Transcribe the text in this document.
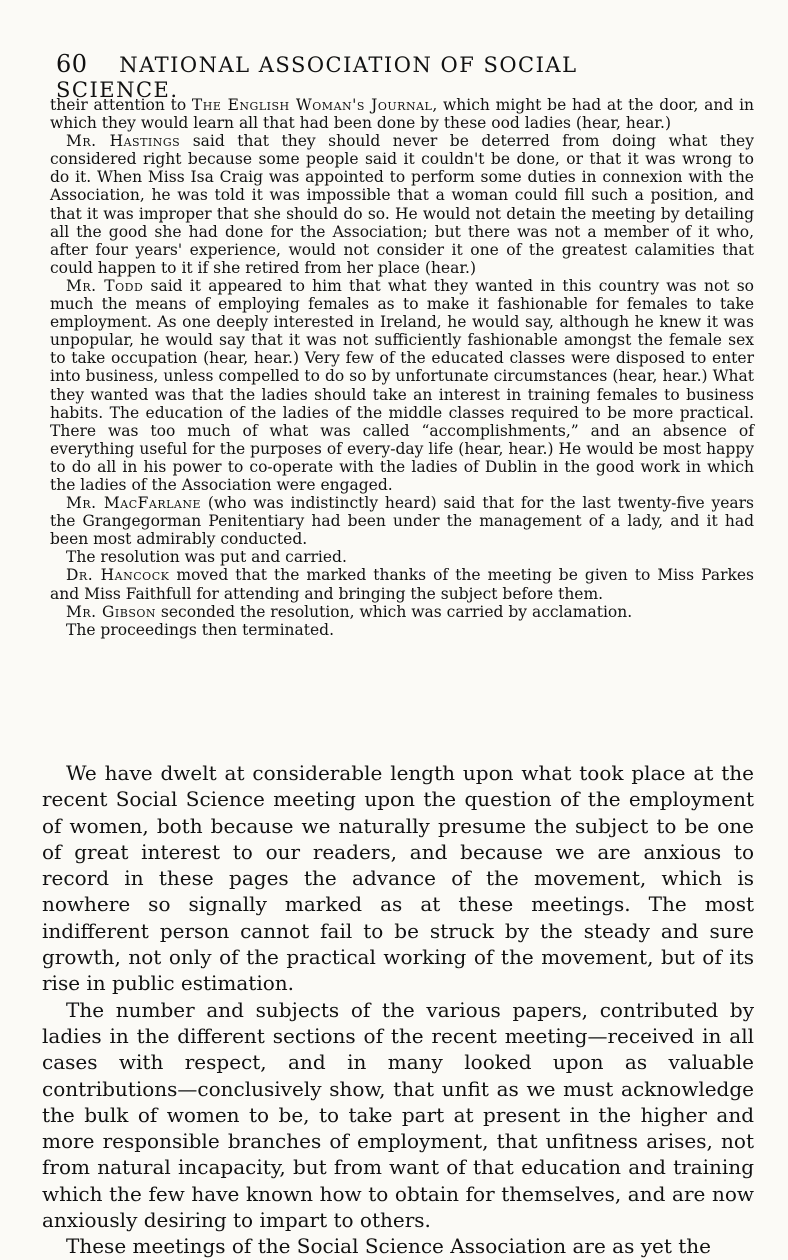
60 NATIONAL ASSOCIATION OF SOCIAL SCIENCE.

their attention to The English Woman's Journal, which might be had at the door, and in which they would learn all that had been done by these ood ladies (hear, hear.)

Mr. Hastings said that they should never be deterred from doing what they considered right because some people said it couldn't be done, or that it was wrong to do it. When Miss Isa Craig was appointed to perform some duties in connexion with the Association, he was told it was impossible that a woman could fill such a position, and that it was improper that she should do so. He would not detain the meeting by detailing all the good she had done for the Association; but there was not a member of it who, after four years' experience, would not consider it one of the greatest calamities that could happen to it if she retired from her place (hear.)

Mr. Todd said it appeared to him that what they wanted in this country was not so much the means of employing females as to make it fashionable for females to take employment. As one deeply interested in Ireland, he would say, although he knew it was unpopular, he would say that it was not sufficiently fashionable amongst the female sex to take occupation (hear, hear.) Very few of the educated classes were disposed to enter into business, unless compelled to do so by unfortunate circumstances (hear, hear.) What they wanted was that the ladies should take an interest in training females to business habits. The education of the ladies of the middle classes required to be more practical. There was too much of what was called “accomplishments,” and an absence of everything useful for the purposes of every-day life (hear, hear.) He would be most happy to do all in his power to co-operate with the ladies of Dublin in the good work in which the ladies of the Association were engaged.

Mr. MacFarlane (who was indistinctly heard) said that for the last twenty-five years the Grangegorman Penitentiary had been under the management of a lady, and it had been most admirably conducted.

The resolution was put and carried.

Dr. Hancock moved that the marked thanks of the meeting be given to Miss Parkes and Miss Faithfull for attending and bringing the subject before them.

Mr. Gibson seconded the resolution, which was carried by acclamation.

The proceedings then terminated.

We have dwelt at considerable length upon what took place at the recent Social Science meeting upon the question of the employment of women, both because we naturally presume the subject to be one of great interest to our readers, and because we are anxious to record in these pages the advance of the movement, which is nowhere so signally marked as at these meetings. The most indifferent person cannot fail to be struck by the steady and sure growth, not only of the practical working of the movement, but of its rise in public estimation.

The number and subjects of the various papers, contributed by ladies in the different sections of the recent meeting—received in all cases with respect, and in many looked upon as valuable contributions—conclusively show, that unfit as we must acknowledge the bulk of women to be, to take part at present in the higher and more responsible branches of employment, that unfitness arises, not from natural incapacity, but from want of that education and training which the few have known how to obtain for themselves, and are now anxiously desiring to impart to others.

These meetings of the Social Science Association are as yet the
